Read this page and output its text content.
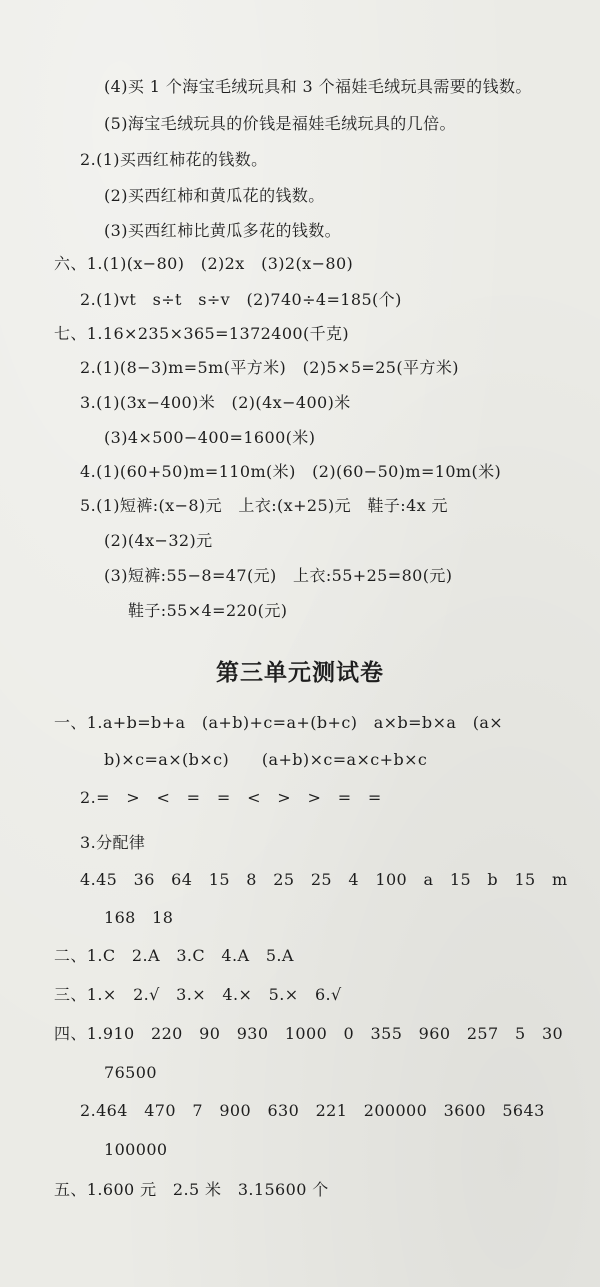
(4)买 1 个海宝毛绒玩具和 3 个福娃毛绒玩具需要的钱数。
(5)海宝毛绒玩具的价钱是福娃毛绒玩具的几倍。
2.(1)买西红柿花的钱数。
(2)买西红柿和黄瓜花的钱数。
(3)买西红柿比黄瓜多花的钱数。
六、1.(1)(x−80)　(2)2x　(3)2(x−80)
2.(1)vt　s÷t　s÷v　(2)740÷4=185(个)
七、1.16×235×365=1372400(千克)
2.(1)(8−3)m=5m(平方米)　(2)5×5=25(平方米)
3.(1)(3x−400)米　(2)(4x−400)米
(3)4×500−400=1600(米)
4.(1)(60+50)m=110m(米)　(2)(60−50)m=10m(米)
5.(1)短裤:(x−8)元　上衣:(x+25)元　鞋子:4x 元
(2)(4x−32)元
(3)短裤:55−8=47(元)　上衣:55+25=80(元)
鞋子:55×4=220(元)
第三单元测试卷
一、1.a+b=b+a　(a+b)+c=a+(b+c)　a×b=b×a　(a×
b)×c=a×(b×c)　　(a+b)×c=a×c+b×c
2.=　>　<　=　=　<　>　>　=　=
3.分配律
4.45　36　64　15　8　25　25　4　100　a　15　b　15　m
168　18
二、1.C　2.A　3.C　4.A　5.A
三、1.×　2.√　3.×　4.×　5.×　6.√
四、1.910　220　90　930　1000　0　355　960　257　5　30
76500
2.464　470　7　900　630　221　200000　3600　5643
100000
五、1.600 元　2.5 米　3.15600 个
